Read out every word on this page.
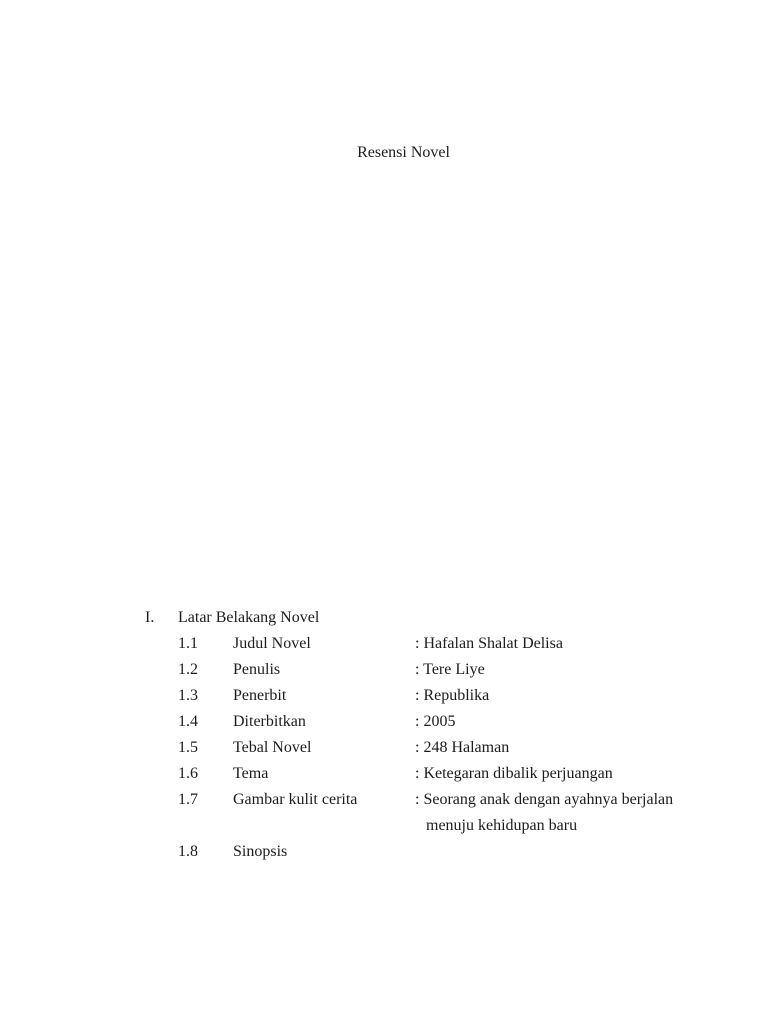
Resensi Novel
I.	Latar Belakang Novel
1.1	Judul Novel	: Hafalan Shalat Delisa
1.2	Penulis	: Tere Liye
1.3	Penerbit	: Republika
1.4	Diterbitkan	: 2005
1.5	Tebal Novel	: 248 Halaman
1.6	Tema	: Ketegaran dibalik perjuangan
1.7	Gambar kulit cerita	: Seorang anak dengan ayahnya berjalan
menuju kehidupan baru
1.8	Sinopsis
